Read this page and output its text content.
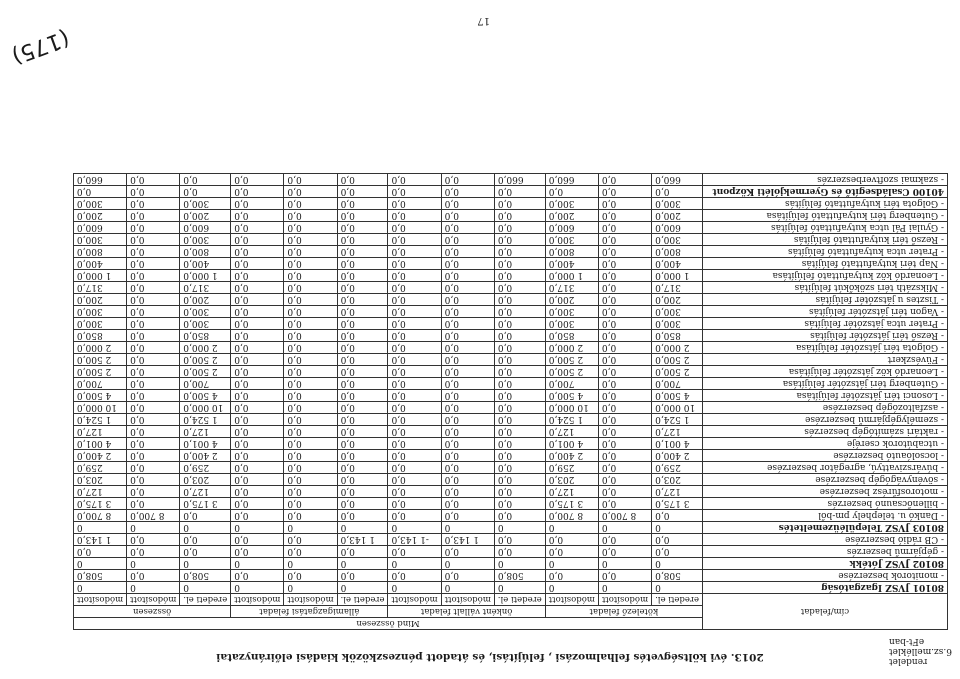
rendelet
6.sz.melléklet
eFt-ban
2013. évi költségvetés felhalmozási , felújítási, és átadott pénzeszközök kiadási előirányzatai
cím/feladat	Mind összesen											
	kötelező feladat			önként vállalt feladat			államigazgatási feladat			összesen		
	eredeti el.	módosított	módosított	eredeti el.	módosított	módosított	eredeti el.	módosított	módosított	eredeti el.	módosított	módosított
80101 JVSZ Igazgatóság	0	0	0	0	0	0	0	0	0	0	0	0
- monitorok beszerzése	508,0	0,0	0,0	508,0	0,0	0,0	0,0	0,0	0,0	508,0	0,0	508,0
80102 JVSZ Jótékk	0	0	0	0	0	0	0	0	0	0	0	0
- gépjármű beszerzés	0,0	0,0	0,0	0,0	0,0	0,0	0,0	0,0	0,0	0,0	0,0	0,0
- CB rádió beszerzése	0,0	0,0	0,0	0,0	1 143,0	-1 143,0	1 143,0	0,0	0,0	0,0	0,0	1 143,0
80103 JVSZ Települéüzemeltetés	0	0	0	0	0	0	0	0	0	0	0	0
- Dankó u. telephely pm-ből	0,0	8 700,0	8 700,0	0,0	0,0	0,0	0,0	0,0	0,0	0,0	8 700,0	8 700,0
- billenőcsaunó beszerzés	3 175,0	0,0	3 175,0	0,0	0,0	0,0	0,0	0,0	0,0	3 175,0	0,0	3 175,0
- motorosfűrész beszerzése	127,0	0,0	127,0	0,0	0,0	0,0	0,0	0,0	0,0	127,0	0,0	127,0
- sövényvágógép beszerzése	203,0	0,0	203,0	0,0	0,0	0,0	0,0	0,0	0,0	203,0	0,0	203,0
- búvárszivattyú, agregátor beszerzése	259,0	0,0	259,0	0,0	0,0	0,0	0,0	0,0	0,0	259,0	0,0	259,0
- locsolóautó beszerzése	2 400,0	0,0	2 400,0	0,0	0,0	0,0	0,0	0,0	0,0	2 400,0	0,0	2 400,0
- utcabútorok cseréje	4 001,0	0,0	4 001,0	0,0	0,0	0,0	0,0	0,0	0,0	4 001,0	0,0	4 001,0
- raktári számítógép beszerzés	127,0	0,0	127,0	0,0	0,0	0,0	0,0	0,0	0,0	127,0	0,0	127,0
- személygépjármű beszerzése	1 524,0	0,0	1 524,0	0,0	0,0	0,0	0,0	0,0	0,0	1 524,0	0,0	1 524,0
- aszfaltozógép beszerzése	10 000,0	0,0	10 000,0	0,0	0,0	0,0	0,0	0,0	0,0	10 000,0	0,0	10 000,0
- Losonci téri játszótér felújítása	4 500,0	0,0	4 500,0	0,0	0,0	0,0	0,0	0,0	0,0	4 500,0	0,0	4 500,0
- Gutenberg téri játszótér felújítása	700,0	0,0	700,0	0,0	0,0	0,0	0,0	0,0	0,0	700,0	0,0	700,0
- Leonardó köz játszótér felújítása	2 500,0	0,0	2 500,0	0,0	0,0	0,0	0,0	0,0	0,0	2 500,0	0,0	2 500,0
- Füvészkert	2 500,0	0,0	2 500,0	0,0	0,0	0,0	0,0	0,0	0,0	2 500,0	0,0	2 500,0
- Golgota téri játszótér felújítása	2 000,0	0,0	2 000,0	0,0	0,0	0,0	0,0	0,0	0,0	2 000,0	0,0	2 000,0
- Rezső téri játszótér felújítás	850,0	0,0	850,0	0,0	0,0	0,0	0,0	0,0	0,0	850,0	0,0	850,0
- Prater utca játszótér felújítás	300,0	0,0	300,0	0,0	0,0	0,0	0,0	0,0	0,0	300,0	0,0	300,0
- Vagon téri játszótér felújítás	300,0	0,0	300,0	0,0	0,0	0,0	0,0	0,0	0,0	300,0	0,0	300,0
- Tisztes u játszótér felújítás	200,0	0,0	200,0	0,0	0,0	0,0	0,0	0,0	0,0	200,0	0,0	200,0
- Mikszáth téri szökőkút felújítás	317,0	0,0	317,0	0,0	0,0	0,0	0,0	0,0	0,0	317,0	0,0	317,0
- Leonardó köz kutyafuttató felújítása	1 000,0	0,0	1 000,0	0,0	0,0	0,0	0,0	0,0	0,0	1 000,0	0,0	1 000,0
- Nap téri kutyafuttató felújítás	400,0	0,0	400,0	0,0	0,0	0,0	0,0	0,0	0,0	400,0	0,0	400,0
- Prater utca kutyafuttató felújítás	800,0	0,0	800,0	0,0	0,0	0,0	0,0	0,0	0,0	800,0	0,0	800,0
- Rezső téri kutyafuttató felújítás	300,0	0,0	300,0	0,0	0,0	0,0	0,0	0,0	0,0	300,0	0,0	300,0
- Gyulai Pál utca kutyafuttató felújítás	600,0	0,0	600,0	0,0	0,0	0,0	0,0	0,0	0,0	600,0	0,0	600,0
- Gutenberg téri kutyafuttató felújítása	200,0	0,0	200,0	0,0	0,0	0,0	0,0	0,0	0,0	200,0	0,0	200,0
- Golgota téri kutyafuttató felújítás	300,0	0,0	300,0	0,0	0,0	0,0	0,0	0,0	0,0	300,0	0,0	300,0
40100 Családsegítő és Gyermekjóléti Központ	0,0	0,0	0,0	0,0	0,0	0,0	0,0	0,0	0,0	0,0	0,0	0,0
- szakmai szoftverbeszerzés	660,0	0,0	660,0	660,0	0,0	0,0	0,0	0,0	0,0	0,0	0,0	660,0
17
(175)
